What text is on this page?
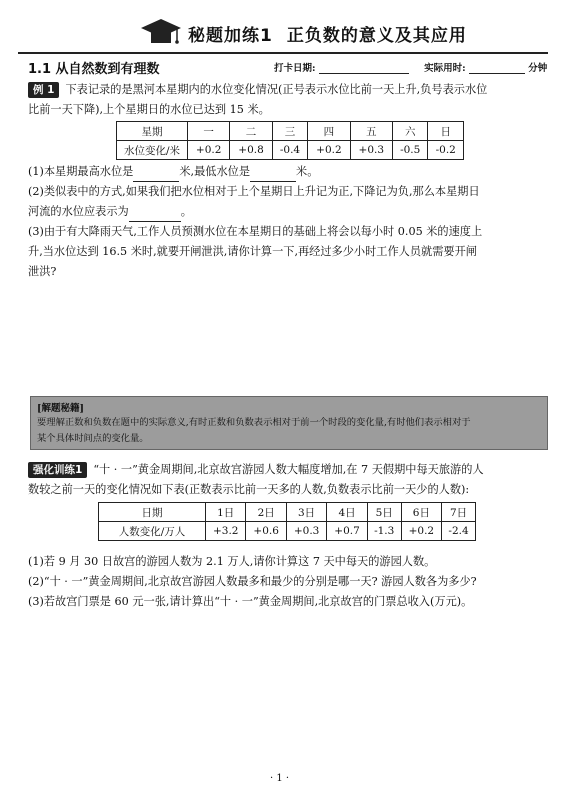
秘题加练1 正负数的意义及其应用
1.1 从自然数到有理数	打卡日期:	实际用时:	分钟
例 1 下表记录的是黑河本星期内的水位变化情况(正号表示水位比前一天上升,负号表示水位
比前一天下降),上个星期日的水位已达到 15 米。
星期	一	二	三	四	五	六	日
水位变化/米	+0.2	+0.8	-0.4	+0.2	+0.3	-0.5	-0.2
(1)本星期最高水位是	米,最低水位是	米。
(2)类似表中的方式,如果我们把水位相对于上个星期日上升记为正,下降记为负,那么本星期日
河流的水位应表示为	。
(3)由于有大降雨天气,工作人员预测水位在本星期日的基础上将会以每小时 0.05 米的速度上
升,当水位达到 16.5 米时,就要开闸泄洪,请你计算一下,再经过多少小时工作人员就需要开闸
泄洪?
[解题秘籍]
要理解正数和负数在题中的实际意义,有时正数和负数表示相对于前一个时段的变化量,有时他们表示相对于
某个具体时间点的变化量。
强化训练1 “十 · 一”黄金周期间,北京故宫游园人数大幅度增加,在 7 天假期中每天旅游的人
数较之前一天的变化情况如下表(正数表示比前一天多的人数,负数表示比前一天少的人数):
日期	1日	2日	3日	4日	5日	6日	7日
人数变化/万人	+3.2	+0.6	+0.3	+0.7	-1.3	+0.2	-2.4
(1)若 9 月 30 日故宫的游园人数为 2.1 万人,请你计算这 7 天中每天的游园人数。
(2)“十 · 一”黄金周期间,北京故宫游园人数最多和最少的分别是哪一天? 游园人数各为多少?
(3)若故宫门票是 60 元一张,请计算出“十 · 一”黄金周期间,北京故宫的门票总收入(万元)。
· 1 ·
